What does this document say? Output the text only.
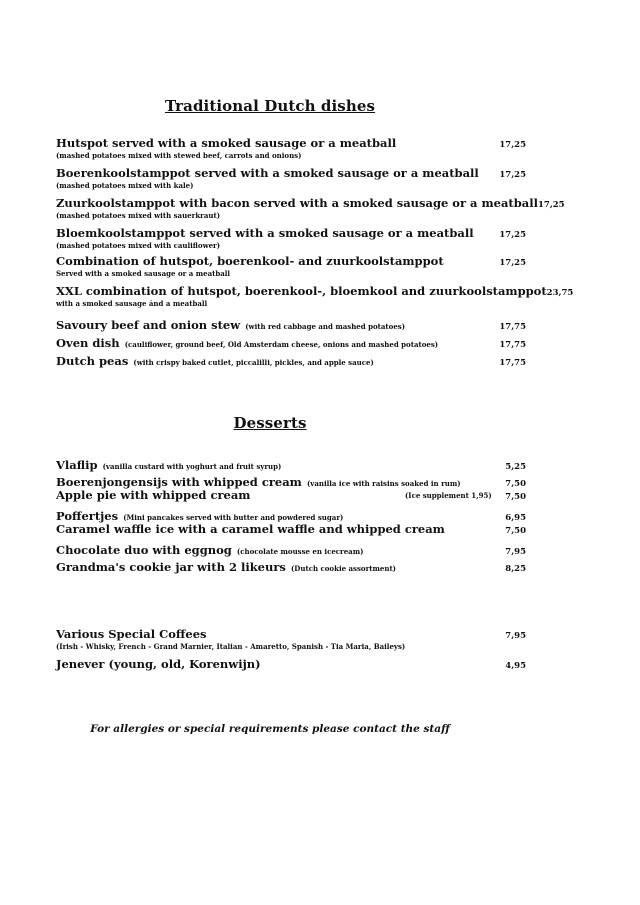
Traditional Dutch dishes
Hutspot served with a smoked sausage or a meatball	17,25
(mashed potatoes mixed with stewed beef, carrots and onions)
Boerenkoolstamppot served with a smoked sausage or a meatball 17,25
(mashed potatoes mixed with kale)
Zuurkoolstamppot with bacon served with a smoked sausage or a meatball 17,25
(mashed potatoes mixed with sauerkraut)
Bloemkoolstamppot served with a smoked sausage or a meatball	17,25
(mashed potatoes mixed with cauliflower)
Combination of hutspot, boerenkool- and zuurkoolstamppot	17,25
Served with a smoked sausage or a meatball
XXL combination of hutspot, boerenkool-, bloemkool and zuurkoolstamppot 23,75
with a smoked sausage ánd a meatball
Savoury beef and onion stew (with red cabbage and mashed potatoes)	17,75
Oven dish (cauliflower, ground beef, Old Amsterdam cheese, onions and mashed potatoes)	17,75
Dutch peas (with crispy baked cutlet, piccalilli, pickles, and apple sauce)	17,75
Desserts
Vlaflip (vanilla custard with yoghurt and fruit syrup)	5,25
Boerenjongensijs with whipped cream (vanilla ice with raisins soaked in rum)	7,50
Apple pie with whipped cream	7,50
(Ice supplement 1,95)
Poffertjes (Mini pancakes served with butter and powdered sugar)	6,95
Caramel waffle ice with a caramel waffle and whipped cream	7,50
Chocolate duo with eggnog (chocolate mousse en icecream)	7,95
Grandma's cookie jar with 2 likeurs (Dutch cookie assortment)	8,25
Various Special Coffees	7,95
(Irish - Whisky, French - Grand Marnier, Italian - Amaretto, Spanish - Tia Maria, Baileys)
Jenever (young, old, Korenwijn)	4,95
For allergies or special requirements please contact the staff
